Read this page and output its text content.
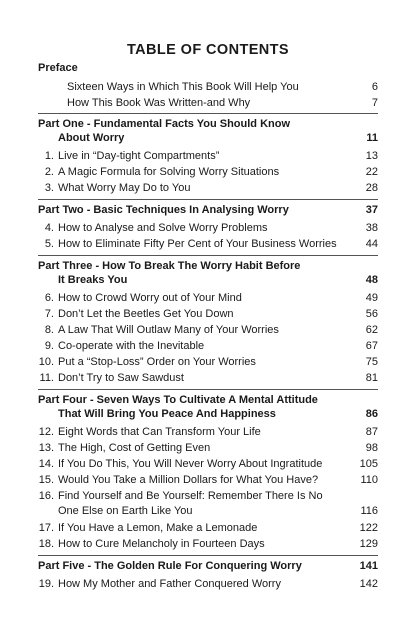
TABLE OF CONTENTS
Preface
Sixteen Ways in Which This Book Will Help You	6
How This Book Was Written-and Why	7
Part One - Fundamental Facts You Should Know
About Worry	11
1. Live in “Day-tight Compartments”	13
2. A Magic Formula for Solving Worry Situations	22
3. What Worry May Do to You	28
Part Two - Basic Techniques In Analysing Worry	37
4. How to Analyse and Solve Worry Problems	38
5. How to Eliminate Fifty Per Cent of Your Business Worries	44
Part Three - How To Break The Worry Habit Before
It Breaks You	48
6. How to Crowd Worry out of Your Mind	49
7. Don’t Let the Beetles Get You Down	56
8. A Law That Will Outlaw Many of Your Worries	62
9. Co-operate with the Inevitable	67
10. Put a “Stop-Loss” Order on Your Worries	75
11. Don’t Try to Saw Sawdust	81
Part Four - Seven Ways To Cultivate A Mental Attitude
That Will Bring You Peace And Happiness	86
12. Eight Words that Can Transform Your Life	87
13. The High, Cost of Getting Even	98
14. If You Do This, You Will Never Worry About Ingratitude	105
15. Would You Take a Million Dollars for What You Have?	110
16. Find Yourself and Be Yourself: Remember There Is No
One Else on Earth Like You	116
17. If You Have a Lemon, Make a Lemonade	122
18. How to Cure Melancholy in Fourteen Days	129
Part Five - The Golden Rule For Conquering Worry	141
19. How My Mother and Father Conquered Worry	142
